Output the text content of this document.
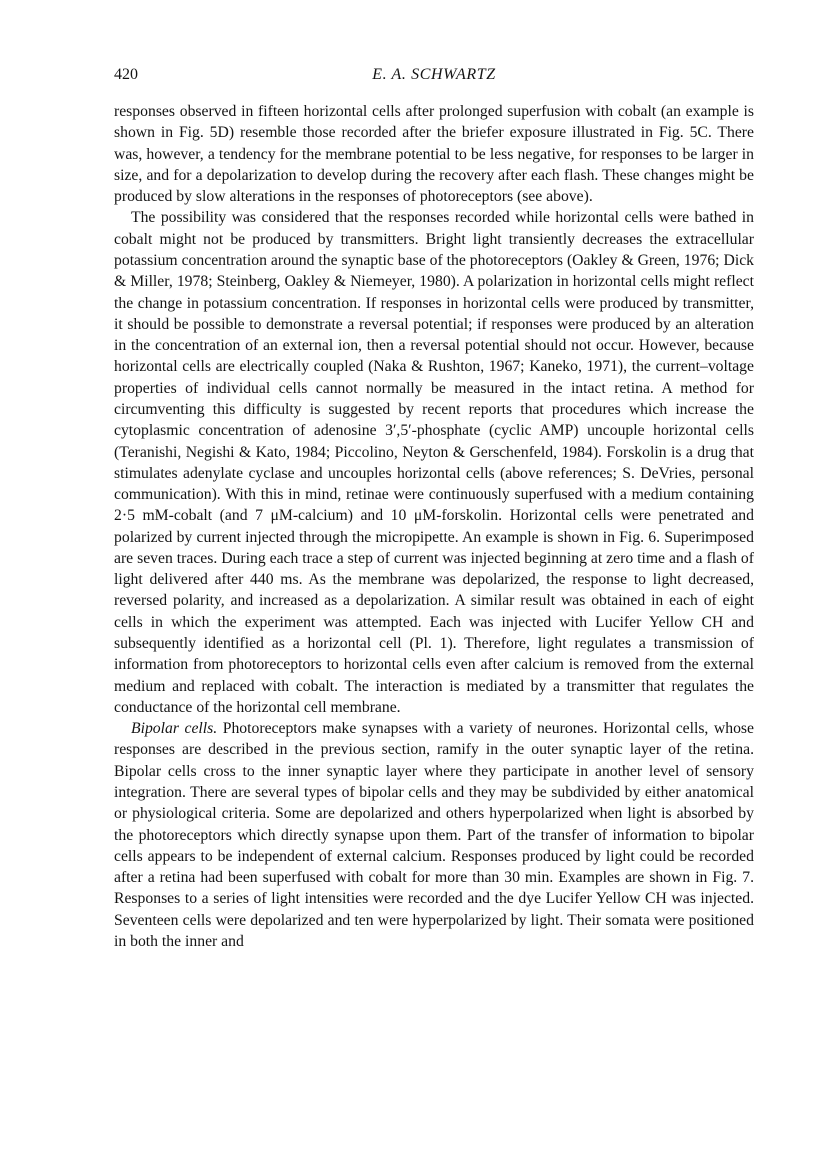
420	E. A. SCHWARTZ

responses observed in fifteen horizontal cells after prolonged superfusion with cobalt (an example is shown in Fig. 5D) resemble those recorded after the briefer exposure illustrated in Fig. 5C. There was, however, a tendency for the membrane potential to be less negative, for responses to be larger in size, and for a depolarization to develop during the recovery after each flash. These changes might be produced by slow alterations in the responses of photoreceptors (see above).

The possibility was considered that the responses recorded while horizontal cells were bathed in cobalt might not be produced by transmitters. Bright light transiently decreases the extracellular potassium concentration around the synaptic base of the photoreceptors (Oakley & Green, 1976; Dick & Miller, 1978; Steinberg, Oakley & Niemeyer, 1980). A polarization in horizontal cells might reflect the change in potassium concentration. If responses in horizontal cells were produced by transmitter, it should be possible to demonstrate a reversal potential; if responses were produced by an alteration in the concentration of an external ion, then a reversal potential should not occur. However, because horizontal cells are electrically coupled (Naka & Rushton, 1967; Kaneko, 1971), the current–voltage properties of individual cells cannot normally be measured in the intact retina. A method for circumventing this difficulty is suggested by recent reports that procedures which increase the cytoplasmic concentration of adenosine 3′,5′-phosphate (cyclic AMP) uncouple horizontal cells (Teranishi, Negishi & Kato, 1984; Piccolino, Neyton & Gerschenfeld, 1984). Forskolin is a drug that stimulates adenylate cyclase and uncouples horizontal cells (above references; S. DeVries, personal communication). With this in mind, retinae were continuously superfused with a medium containing 2·5 mM-cobalt (and 7 μM-calcium) and 10 μM-forskolin. Horizontal cells were penetrated and polarized by current injected through the micropipette. An example is shown in Fig. 6. Superimposed are seven traces. During each trace a step of current was injected beginning at zero time and a flash of light delivered after 440 ms. As the membrane was depolarized, the response to light decreased, reversed polarity, and increased as a depolarization. A similar result was obtained in each of eight cells in which the experiment was attempted. Each was injected with Lucifer Yellow CH and subsequently identified as a horizontal cell (Pl. 1). Therefore, light regulates a transmission of information from photoreceptors to horizontal cells even after calcium is removed from the external medium and replaced with cobalt. The interaction is mediated by a transmitter that regulates the conductance of the horizontal cell membrane.

Bipolar cells. Photoreceptors make synapses with a variety of neurones. Horizontal cells, whose responses are described in the previous section, ramify in the outer synaptic layer of the retina. Bipolar cells cross to the inner synaptic layer where they participate in another level of sensory integration. There are several types of bipolar cells and they may be subdivided by either anatomical or physiological criteria. Some are depolarized and others hyperpolarized when light is absorbed by the photoreceptors which directly synapse upon them. Part of the transfer of information to bipolar cells appears to be independent of external calcium. Responses produced by light could be recorded after a retina had been superfused with cobalt for more than 30 min. Examples are shown in Fig. 7. Responses to a series of light intensities were recorded and the dye Lucifer Yellow CH was injected. Seventeen cells were depolarized and ten were hyperpolarized by light. Their somata were positioned in both the inner and
